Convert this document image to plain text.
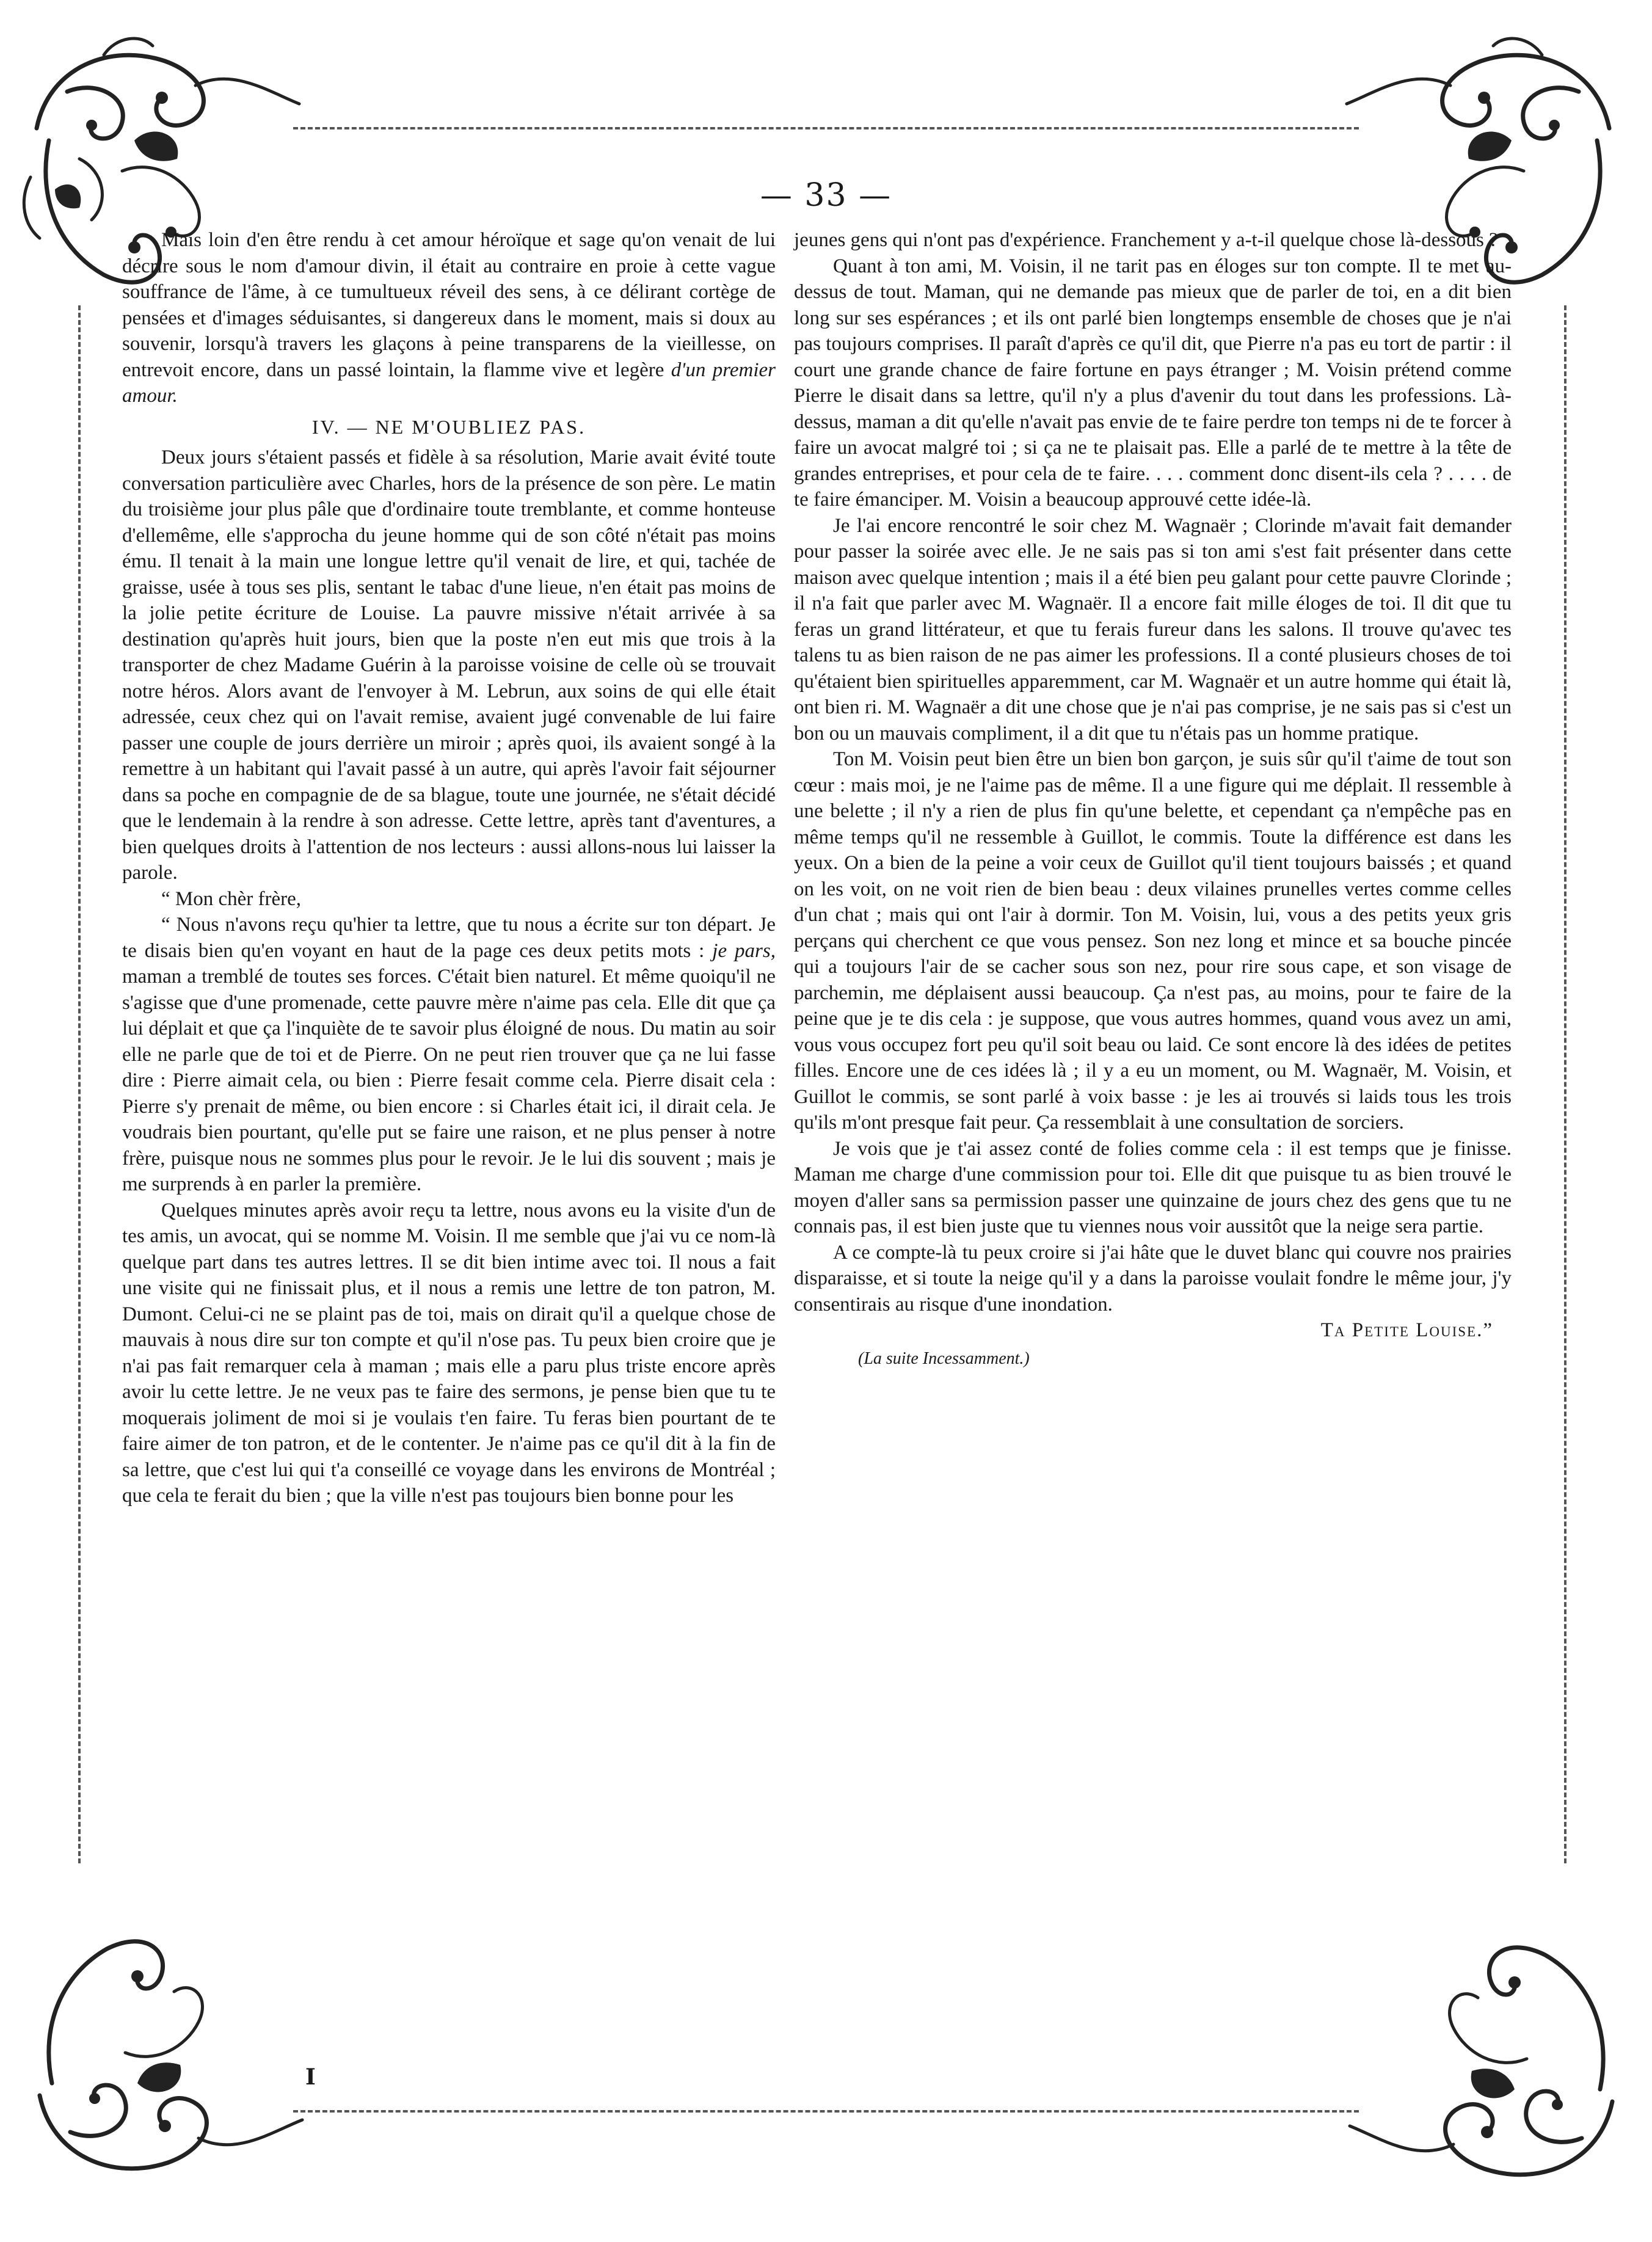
— 33 —

Mais loin d'en être rendu à cet amour héroïque et sage qu'on venait de lui décrire sous le nom d'amour divin, il était au contraire en proie à cette vague souffrance de l'âme, à ce tumultueux réveil des sens, à ce délirant cortège de pensées et d'images séduisantes, si dangereux dans le moment, mais si doux au souvenir, lorsqu'à travers les glaçons à peine transparens de la vieillesse, on entrevoit encore, dans un passé lointain, la flamme vive et legère d'un premier amour.

IV. — NE M'OUBLIEZ PAS.

Deux jours s'étaient passés et fidèle à sa résolution, Marie avait évité toute conversation particulière avec Charles, hors de la présence de son père. Le matin du troisième jour plus pâle que d'ordinaire toute tremblante, et comme honteuse d'ellemême, elle s'approcha du jeune homme qui de son côté n'était pas moins ému. Il tenait à la main une longue lettre qu'il venait de lire, et qui, tachée de graisse, usée à tous ses plis, sentant le tabac d'une lieue, n'en était pas moins de la jolie petite écriture de Louise. La pauvre missive n'était arrivée à sa destination qu'après huit jours, bien que la poste n'en eut mis que trois à la transporter de chez Madame Guérin à la paroisse voisine de celle où se trouvait notre héros. Alors avant de l'envoyer à M. Lebrun, aux soins de qui elle était adressée, ceux chez qui on l'avait remise, avaient jugé convenable de lui faire passer une couple de jours derrière un miroir ; après quoi, ils avaient songé à la remettre à un habitant qui l'avait passé à un autre, qui après l'avoir fait séjourner dans sa poche en compagnie de de sa blague, toute une journée, ne s'était décidé que le lendemain à la rendre à son adresse. Cette lettre, après tant d'aventures, a bien quelques droits à l'attention de nos lecteurs : aussi allons-nous lui laisser la parole.

“ Mon chèr frère,

“ Nous n'avons reçu qu'hier ta lettre, que tu nous a écrite sur ton départ. Je te disais bien qu'en voyant en haut de la page ces deux petits mots : je pars, maman a tremblé de toutes ses forces. C'était bien naturel. Et même quoiqu'il ne s'agisse que d'une promenade, cette pauvre mère n'aime pas cela. Elle dit que ça lui déplait et que ça l'inquiète de te savoir plus éloigné de nous. Du matin au soir elle ne parle que de toi et de Pierre. On ne peut rien trouver que ça ne lui fasse dire : Pierre aimait cela, ou bien : Pierre fesait comme cela. Pierre disait cela : Pierre s'y prenait de même, ou bien encore : si Charles était ici, il dirait cela. Je voudrais bien pourtant, qu'elle put se faire une raison, et ne plus penser à notre frère, puisque nous ne sommes plus pour le revoir. Je le lui dis souvent ; mais je me surprends à en parler la première.

Quelques minutes après avoir reçu ta lettre, nous avons eu la visite d'un de tes amis, un avocat, qui se nomme M. Voisin. Il me semble que j'ai vu ce nom-là quelque part dans tes autres lettres. Il se dit bien intime avec toi. Il nous a fait une visite qui ne finissait plus, et il nous a remis une lettre de ton patron, M. Dumont. Celui-ci ne se plaint pas de toi, mais on dirait qu'il a quelque chose de mauvais à nous dire sur ton compte et qu'il n'ose pas. Tu peux bien croire que je n'ai pas fait remarquer cela à maman ; mais elle a paru plus triste encore après avoir lu cette lettre. Je ne veux pas te faire des sermons, je pense bien que tu te moquerais joliment de moi si je voulais t'en faire. Tu feras bien pourtant de te faire aimer de ton patron, et de le contenter. Je n'aime pas ce qu'il dit à la fin de sa lettre, que c'est lui qui t'a conseillé ce voyage dans les environs de Montréal ; que cela te ferait du bien ; que la ville n'est pas toujours bien bonne pour les

jeunes gens qui n'ont pas d'expérience. Franchement y a-t-il quelque chose là-dessous ?

Quant à ton ami, M. Voisin, il ne tarit pas en éloges sur ton compte. Il te met au-dessus de tout. Maman, qui ne demande pas mieux que de parler de toi, en a dit bien long sur ses espérances ; et ils ont parlé bien longtemps ensemble de choses que je n'ai pas toujours comprises. Il paraît d'après ce qu'il dit, que Pierre n'a pas eu tort de partir : il court une grande chance de faire fortune en pays étranger ; M. Voisin prétend comme Pierre le disait dans sa lettre, qu'il n'y a plus d'avenir du tout dans les professions. Là-dessus, maman a dit qu'elle n'avait pas envie de te faire perdre ton temps ni de te forcer à faire un avocat malgré toi ; si ça ne te plaisait pas. Elle a parlé de te mettre à la tête de grandes entreprises, et pour cela de te faire. . . . comment donc disent-ils cela ? . . . . de te faire émanciper. M. Voisin a beaucoup approuvé cette idée-là.

Je l'ai encore rencontré le soir chez M. Wagnaër ; Clorinde m'avait fait demander pour passer la soirée avec elle. Je ne sais pas si ton ami s'est fait présenter dans cette maison avec quelque intention ; mais il a été bien peu galant pour cette pauvre Clorinde ; il n'a fait que parler avec M. Wagnaër. Il a encore fait mille éloges de toi. Il dit que tu feras un grand littérateur, et que tu ferais fureur dans les salons. Il trouve qu'avec tes talens tu as bien raison de ne pas aimer les professions. Il a conté plusieurs choses de toi qu'étaient bien spirituelles apparemment, car M. Wagnaër et un autre homme qui était là, ont bien ri. M. Wagnaër a dit une chose que je n'ai pas comprise, je ne sais pas si c'est un bon ou un mauvais compliment, il a dit que tu n'étais pas un homme pratique.

Ton M. Voisin peut bien être un bien bon garçon, je suis sûr qu'il t'aime de tout son cœur : mais moi, je ne l'aime pas de même. Il a une figure qui me déplait. Il ressemble à une belette ; il n'y a rien de plus fin qu'une belette, et cependant ça n'empêche pas en même temps qu'il ne ressemble à Guillot, le commis. Toute la différence est dans les yeux. On a bien de la peine a voir ceux de Guillot qu'il tient toujours baissés ; et quand on les voit, on ne voit rien de bien beau : deux vilaines prunelles vertes comme celles d'un chat ; mais qui ont l'air à dormir. Ton M. Voisin, lui, vous a des petits yeux gris perçans qui cherchent ce que vous pensez. Son nez long et mince et sa bouche pincée qui a toujours l'air de se cacher sous son nez, pour rire sous cape, et son visage de parchemin, me déplaisent aussi beaucoup. Ça n'est pas, au moins, pour te faire de la peine que je te dis cela : je suppose, que vous autres hommes, quand vous avez un ami, vous vous occupez fort peu qu'il soit beau ou laid. Ce sont encore là des idées de petites filles. Encore une de ces idées là ; il y a eu un moment, ou M. Wagnaër, M. Voisin, et Guillot le commis, se sont parlé à voix basse : je les ai trouvés si laids tous les trois qu'ils m'ont presque fait peur. Ça ressemblait à une consultation de sorciers.

Je vois que je t'ai assez conté de folies comme cela : il est temps que je finisse. Maman me charge d'une commission pour toi. Elle dit que puisque tu as bien trouvé le moyen d'aller sans sa permission passer une quinzaine de jours chez des gens que tu ne connais pas, il est bien juste que tu viennes nous voir aussitôt que la neige sera partie.

A ce compte-là tu peux croire si j'ai hâte que le duvet blanc qui couvre nos prairies disparaisse, et si toute la neige qu'il y a dans la paroisse voulait fondre le même jour, j'y consentirais au risque d'une inondation.

Ta Petite Louise.”
(La suite Incessamment.)
I
